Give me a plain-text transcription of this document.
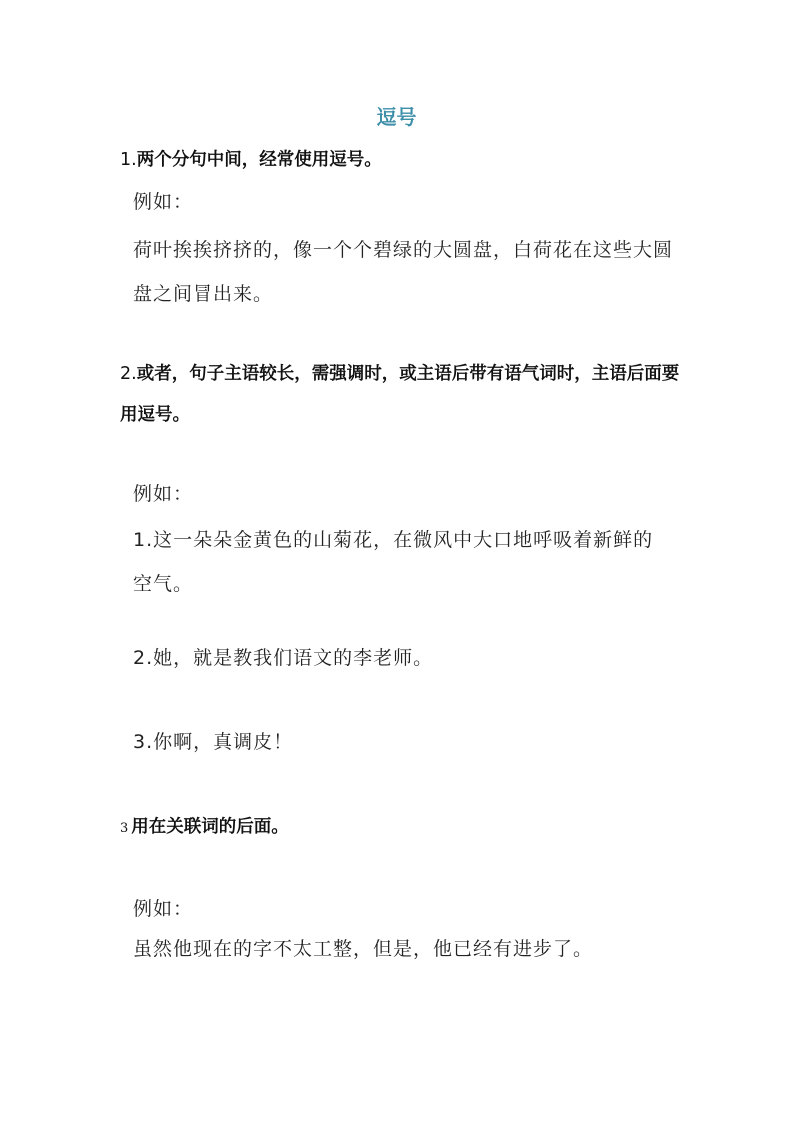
逗号
1.两个分句中间，经常使用逗号。
例如：
荷叶挨挨挤挤的，像一个个碧绿的大圆盘，白荷花在这些大圆盘之间冒出来。
2.或者，句子主语较长，需强调时，或主语后带有语气词时，主语后面要用逗号。
例如：
1.这一朵朵金黄色的山菊花，在微风中大口地呼吸着新鲜的空气。
2.她，就是教我们语文的李老师。
3.你啊，真调皮！
3 用在关联词的后面。
例如：
虽然他现在的字不太工整，但是，他已经有进步了。
